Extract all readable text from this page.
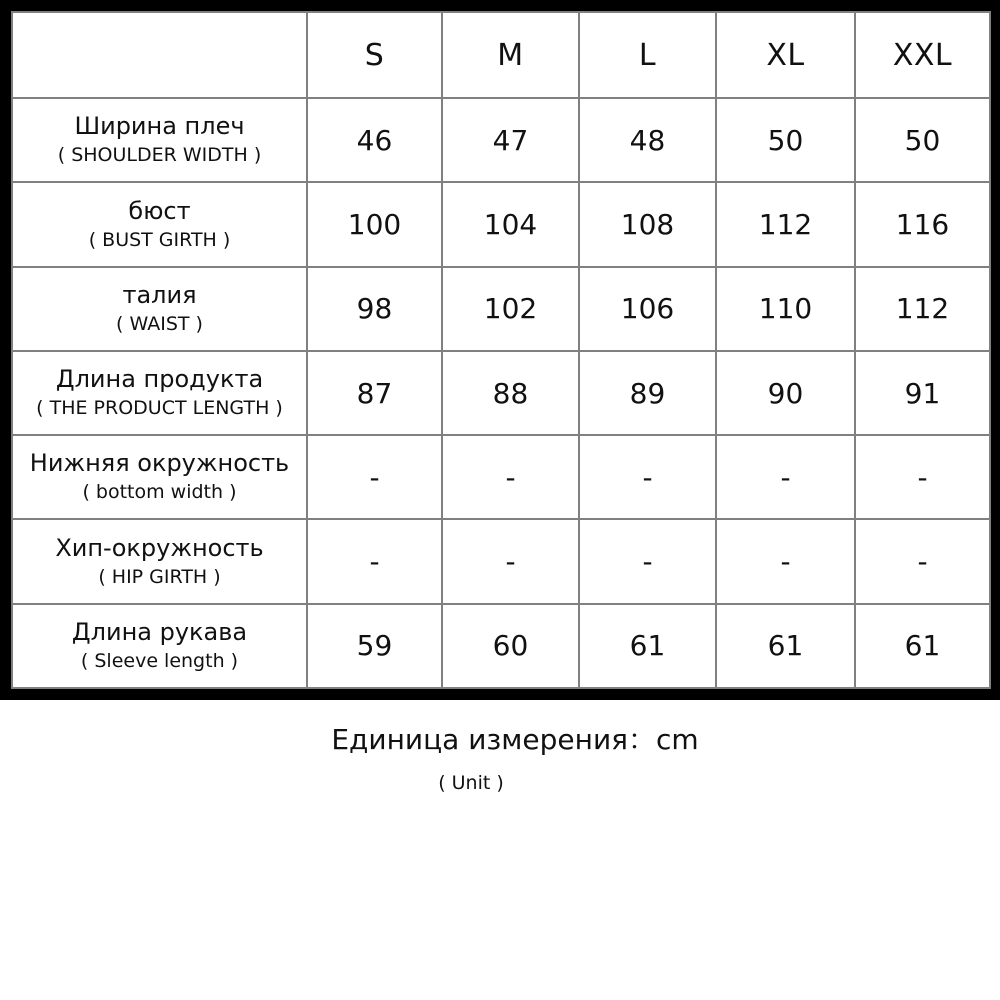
	S	M	L	XL	XXL

Ширина плеч
( SHOULDER WIDTH )	46	47	48	50	50

бюст
( BUST GIRTH )	100	104	108	112	116

талия
( WAIST )	98	102	106	110	112

Длина продукта
( THE PRODUCT LENGTH )	87	88	89	90	91

Нижняя окружность
( bottom width )	-	-	-	-	-

Хип-окружность
( HIP GIRTH )	-	-	-	-	-

Длина рукава
( Sleeve length )	59	60	61	61	61
Единица измерения：cm
( Unit )
